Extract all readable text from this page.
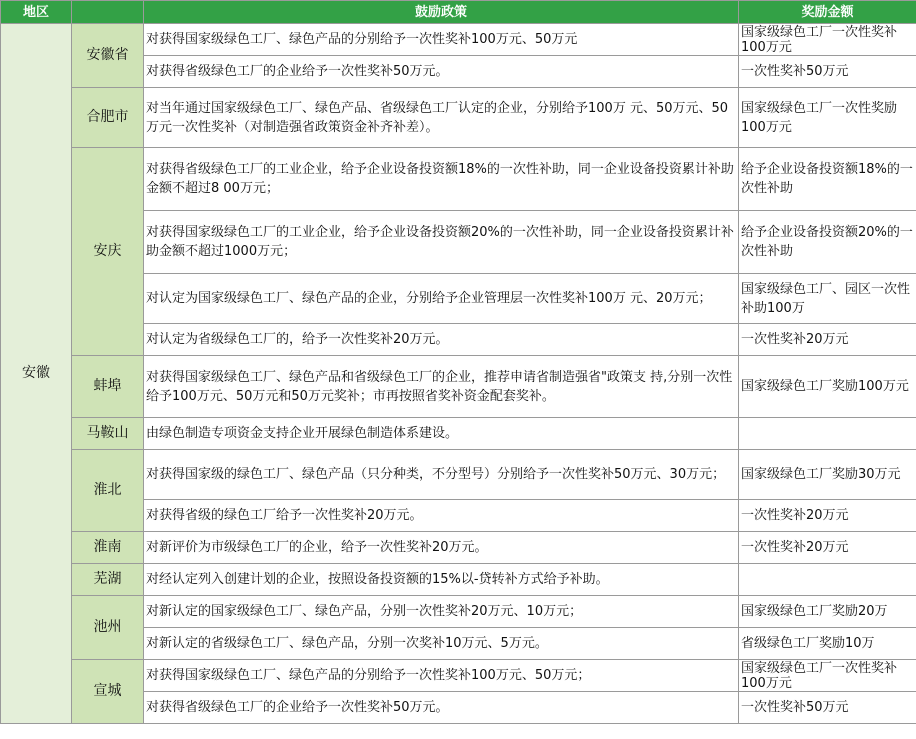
地区		鼓励政策	奖励金额
安徽	安徽省	对获得国家级绿色工厂、绿色产品的分别给予一次性奖补100万元、50万元	国家级绿色工厂一次性奖补100万元
		对获得省级绿色工厂的企业给予一次性奖补50万元。	一次性奖补50万元
	合肥市	对当年通过国家级绿色工厂、绿色产品、省级绿色工厂认定的企业，分别给予100万 元、50万元、50万元一次性奖补（对制造强省政策资金补齐补差）。	国家级绿色工厂一次性奖励100万元
	安庆	对获得省级绿色工厂的工业企业，给予企业设备投资额18%的一次性补助，同一企业设备投资累计补助金额不超过8 00万元；	给予企业设备投资额18%的一次性补助
		对获得国家级绿色工厂的工业企业，给予企业设备投资额20%的一次性补助，同一企业设备投资累计补助金额不超过1000万元；	给予企业设备投资额20%的一次性补助
		对认定为国家级绿色工厂、绿色产品的企业，分别给予企业管理层一次性奖补100万 元、20万元；	国家级绿色工厂、园区一次性补助100万
		对认定为省级绿色工厂的，给予一次性奖补20万元。	一次性奖补20万元
	蚌埠	对获得国家级绿色工厂、绿色产品和省级绿色工厂的企业，推荐申请省制造强省"政策支 持,分别一次性给予100万元、50万元和50万元奖补；市再按照省奖补资金配套奖补。	国家级绿色工厂奖励100万元
	马鞍山	由绿色制造专项资金支持企业开展绿色制造体系建设。	
	淮北	对获得国家级的绿色工厂、绿色产品（只分种类，不分型号）分别给予一次性奖补50万元、30万元；	国家级绿色工厂奖励30万元
		对获得省级的绿色工厂给予一次性奖补20万元。	一次性奖补20万元
	淮南	对新评价为市级绿色工厂的企业，给予一次性奖补20万元。	一次性奖补20万元
	芜湖	对经认定列入创建计划的企业，按照设备投资额的15%以-贷转补方式给予补助。	
	池州	对新认定的国家级绿色工厂、绿色产品，分别一次性奖补20万元、10万元；	国家级绿色工厂奖励20万
		对新认定的省级绿色工厂、绿色产品，分别一次奖补10万元、5万元。	省级绿色工厂奖励10万
	宣城	对获得国家级绿色工厂、绿色产品的分别给予一次性奖补100万元、50万元；	国家级绿色工厂一次性奖补100万元
		对获得省级绿色工厂的企业给予一次性奖补50万元。	一次性奖补50万元
